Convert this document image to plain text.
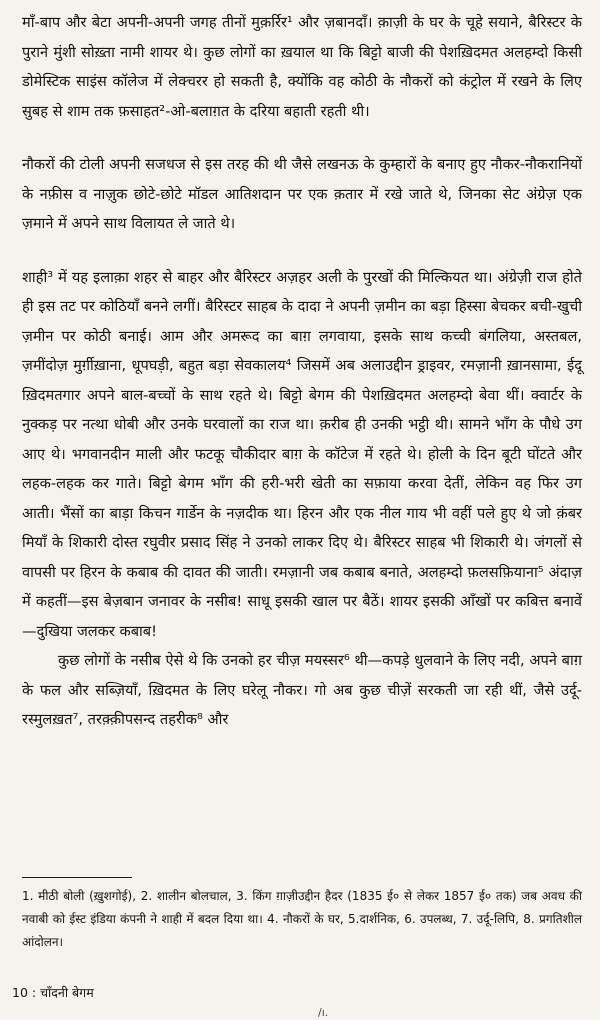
माँ-बाप और बेटा अपनी-अपनी जगह तीनों मुक़र्रिर¹ और ज़बानदाँ। क़ाज़ी के घर के चूहे सयाने, बैरिस्टर के पुराने मुंशी सोख़्ता नामी शायर थे। कुछ लोगों का ख़याल था कि बिट्टो बाजी की पेशख़िदमत अलहम्दो किसी डोमेस्टिक साइंस कॉलेज में लेक्चरर हो सकती है, क्योंकि वह कोठी के नौकरों को कंट्रोल में रखने के लिए सुबह से शाम तक फ़साहत²-ओ-बलाग़त के दरिया बहाती रहती थी।

नौकरों की टोली अपनी सजधज से इस तरह की थी जैसे लखनऊ के कुम्हारों के बनाए हुए नौकर-नौकरानियों के नफ़ीस व नाज़ुक छोटे-छोटे मॉडल आतिशदान पर एक क़तार में रखे जाते थे, जिनका सेट अंग्रेज़ एक ज़माने में अपने साथ विलायत ले जाते थे।

शाही³ में यह इलाक़ा शहर से बाहर और बैरिस्टर अज़हर अली के पुरखों की मिल्कियत था। अंग्रेज़ी राज होते ही इस तट पर कोठियाँ बनने लगीं। बैरिस्टर साहब के दादा ने अपनी ज़मीन का बड़ा हिस्सा बेचकर बची-खुची ज़मीन पर कोठी बनाई। आम और अमरूद का बाग़ लगवाया, इसके साथ कच्ची बंगलिया, अस्तबल, ज़मींदोज़ मुर्ग़ीख़ाना, धूपघड़ी, बहुत बड़ा सेवकालय⁴ जिसमें अब अलाउद्दीन ड्राइवर, रमज़ानी ख़ानसामा, ईदू ख़िदमतगार अपने बाल-बच्चों के साथ रहते थे। बिट्टो बेगम की पेशख़िदमत अलहम्दो बेवा थीं। क्वार्टर के नुक्कड़ पर नत्था धोबी और उनके घरवालों का राज था। क़रीब ही उनकी भट्ठी थी। सामने भाँग के पौधे उग आए थे। भगवानदीन माली और फटकू चौकीदार बाग़ के कॉटेज में रहते थे। होली के दिन बूटी घोंटते और लहक-लहक कर गाते। बिट्टो बेगम भाँग की हरी-भरी खेती का सफ़ाया करवा देतीं, लेकिन वह फिर उग आती। भैंसों का बाड़ा किचन गार्डेन के नज़दीक था। हिरन और एक नील गाय भी वहीं पले हुए थे जो क़ंबर मियाँ के शिकारी दोस्त रघुवीर प्रसाद सिंह ने उनको लाकर दिए थे। बैरिस्टर साहब भी शिकारी थे। जंगलों से वापसी पर हिरन के कबाब की दावत की जाती। रमज़ानी जब कबाब बनाते, अलहम्दो फ़लसफ़ियाना⁵ अंदाज़ में कहतीं—इस बेज़बान जनावर के नसीब! साधू इसकी खाल पर बैठें। शायर इसकी आँखों पर कबित्त बनावें—दुखिया जलकर कबाब!

कुछ लोगों के नसीब ऐसे थे कि उनको हर चीज़ मयस्सर⁶ थी—कपड़े धुलवाने के लिए नदी, अपने बाग़ के फल और सब्ज़ियाँ, ख़िदमत के लिए घरेलू नौकर। गो अब कुछ चीज़ें सरकती जा रही थीं, जैसे उर्दू-रस्मुलख़त⁷, तरक़्क़ीपसन्द तहरीक⁸ और

1. मीठी बोली (ख़ुशगोई), 2. शालीन बोलचाल, 3. किंग ग़ाज़ीउद्दीन हैदर (1835 ई० से लेकर 1857 ई० तक) जब अवध की नवाबी को ईस्ट इंडिया कंपनी ने शाही में बदल दिया था। 4. नौकरों के घर, 5.दार्शनिक, 6. उपलब्ध, 7. उर्दू-लिपि, 8. प्रगतिशील आंदोलन।

10 : चाँदनी बेगम
/ı.
